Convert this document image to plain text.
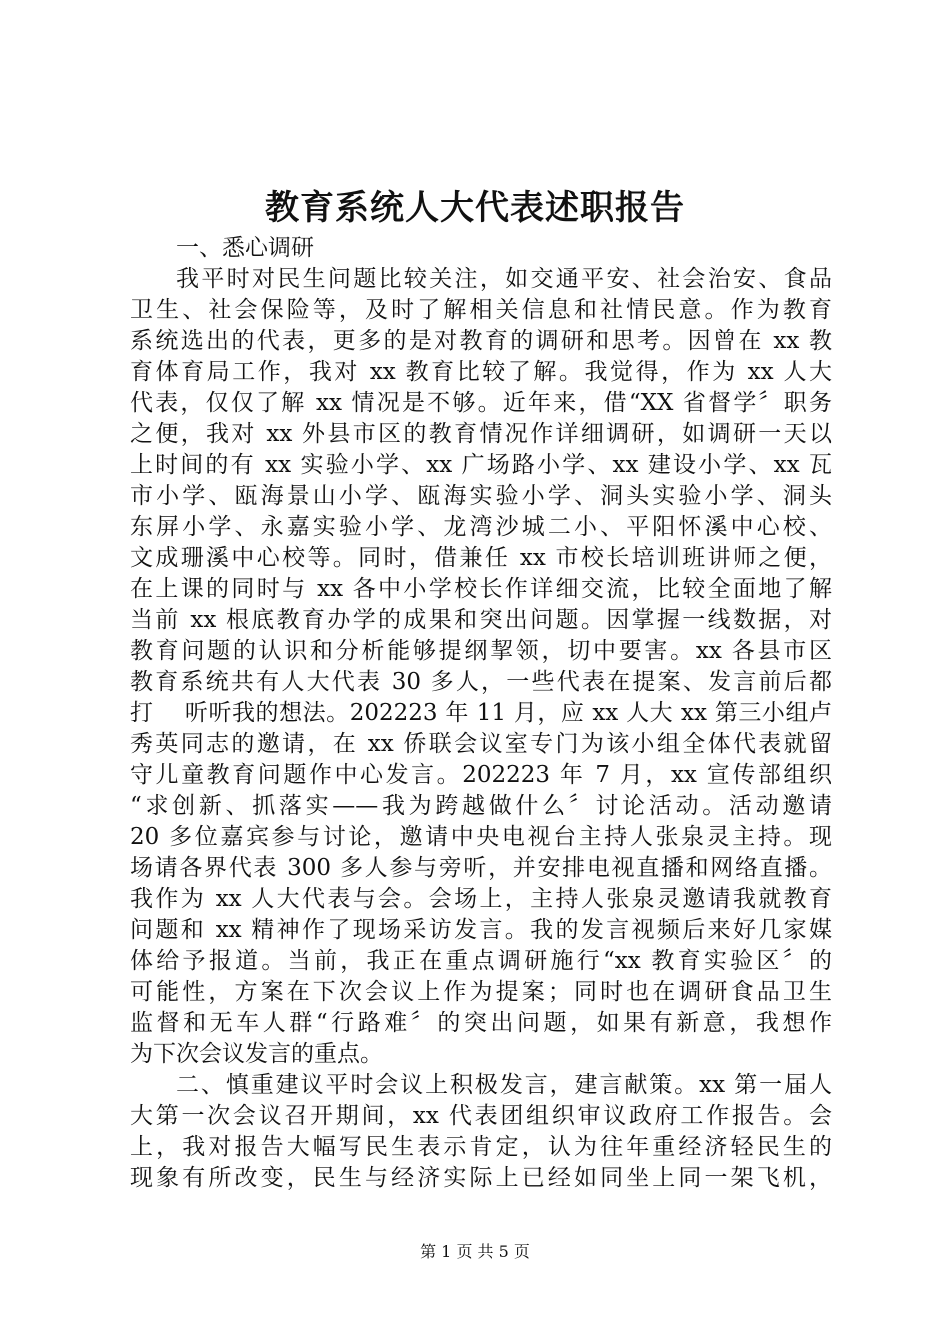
教育系统人大代表述职报告
一、悉心调研
我平时对民生问题比较关注，如交通平安、社会治安、食品
卫生、社会保险等，及时了解相关信息和社情民意。作为教育
系统选出的代表，更多的是对教育的调研和思考。因曾在 xx 教
育体育局工作，我对 xx 教育比较了解。我觉得，作为 xx 人大
代表，仅仅了解 xx 情况是不够。近年来，借“XX 省督学〞职务
之便，我对 xx 外县市区的教育情况作详细调研，如调研一天以
上时间的有 xx 实验小学、xx 广场路小学、xx 建设小学、xx 瓦
市小学、瓯海景山小学、瓯海实验小学、洞头实验小学、洞头
东屏小学、永嘉实验小学、龙湾沙城二小、平阳怀溪中心校、
文成珊溪中心校等。同时，借兼任 xx 市校长培训班讲师之便，
在上课的同时与 xx 各中小学校长作详细交流，比较全面地了解
当前 xx 根底教育办学的成果和突出问题。因掌握一线数据，对
教育问题的认识和分析能够提纲挈领，切中要害。xx 各县市区
教育系统共有人大代表 30 多人，一些代表在提案、发言前后都
打　 听听我的想法。202223 年 11 月，应 xx 人大 xx 第三小组卢
秀英同志的邀请，在 xx 侨联会议室专门为该小组全体代表就留
守儿童教育问题作中心发言。202223 年 7 月，xx 宣传部组织
“求创新、抓落实——我为跨越做什么〞讨论活动。活动邀请
20 多位嘉宾参与讨论，邀请中央电视台主持人张泉灵主持。现
场请各界代表 300 多人参与旁听，并安排电视直播和网络直播。
我作为 xx 人大代表与会。会场上，主持人张泉灵邀请我就教育
问题和 xx 精神作了现场采访发言。我的发言视频后来好几家媒
体给予报道。当前，我正在重点调研施行“xx 教育实验区〞的
可能性，方案在下次会议上作为提案；同时也在调研食品卫生
监督和无车人群“行路难〞的突出问题，如果有新意，我想作
为下次会议发言的重点。
二、慎重建议平时会议上积极发言，建言献策。xx 第一届人
大第一次会议召开期间，xx 代表团组织审议政府工作报告。会
上，我对报告大幅写民生表示肯定，认为往年重经济轻民生的
现象有所改变，民生与经济实际上已经如同坐上同一架飞机，
第 1 页 共 5 页
